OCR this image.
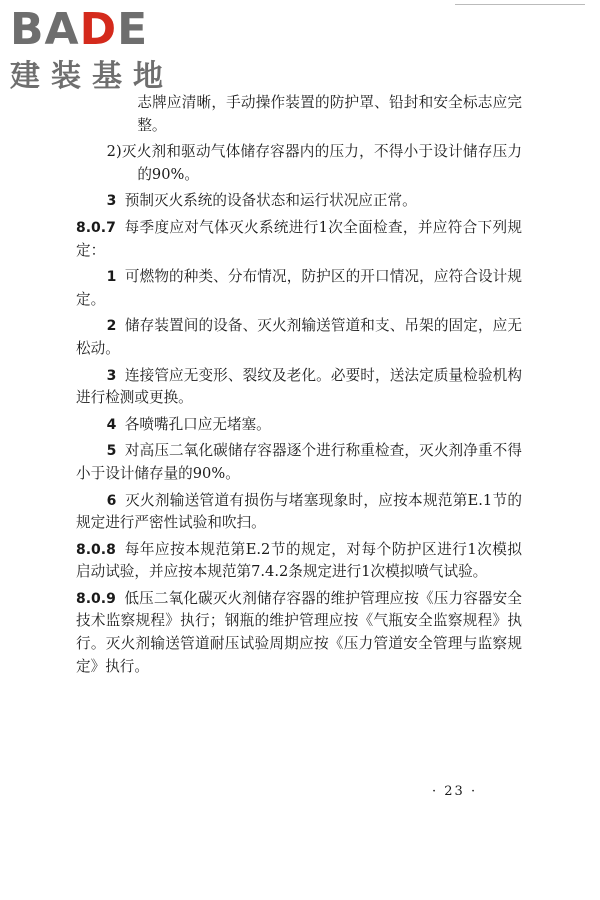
BADE
建装基地

志牌应清晰，手动操作装置的防护罩、铅封和安全标志应完整。

2)灭火剂和驱动气体储存容器内的压力，不得小于设计储存压力的90%。

3 预制灭火系统的设备状态和运行状况应正常。

8.0.7 每季度应对气体灭火系统进行1次全面检查，并应符合下列规定：

1 可燃物的种类、分布情况，防护区的开口情况，应符合设计规定。

2 储存装置间的设备、灭火剂输送管道和支、吊架的固定，应无松动。

3 连接管应无变形、裂纹及老化。必要时，送法定质量检验机构进行检测或更换。

4 各喷嘴孔口应无堵塞。

5 对高压二氧化碳储存容器逐个进行称重检查，灭火剂净重不得小于设计储存量的90%。

6 灭火剂输送管道有损伤与堵塞现象时，应按本规范第E.1节的规定进行严密性试验和吹扫。

8.0.8 每年应按本规范第E.2节的规定，对每个防护区进行1次模拟启动试验，并应按本规范第7.4.2条规定进行1次模拟喷气试验。

8.0.9 低压二氧化碳灭火剂储存容器的维护管理应按《压力容器安全技术监察规程》执行；钢瓶的维护管理应按《气瓶安全监察规程》执行。灭火剂输送管道耐压试验周期应按《压力管道安全管理与监察规定》执行。

· 23 ·
